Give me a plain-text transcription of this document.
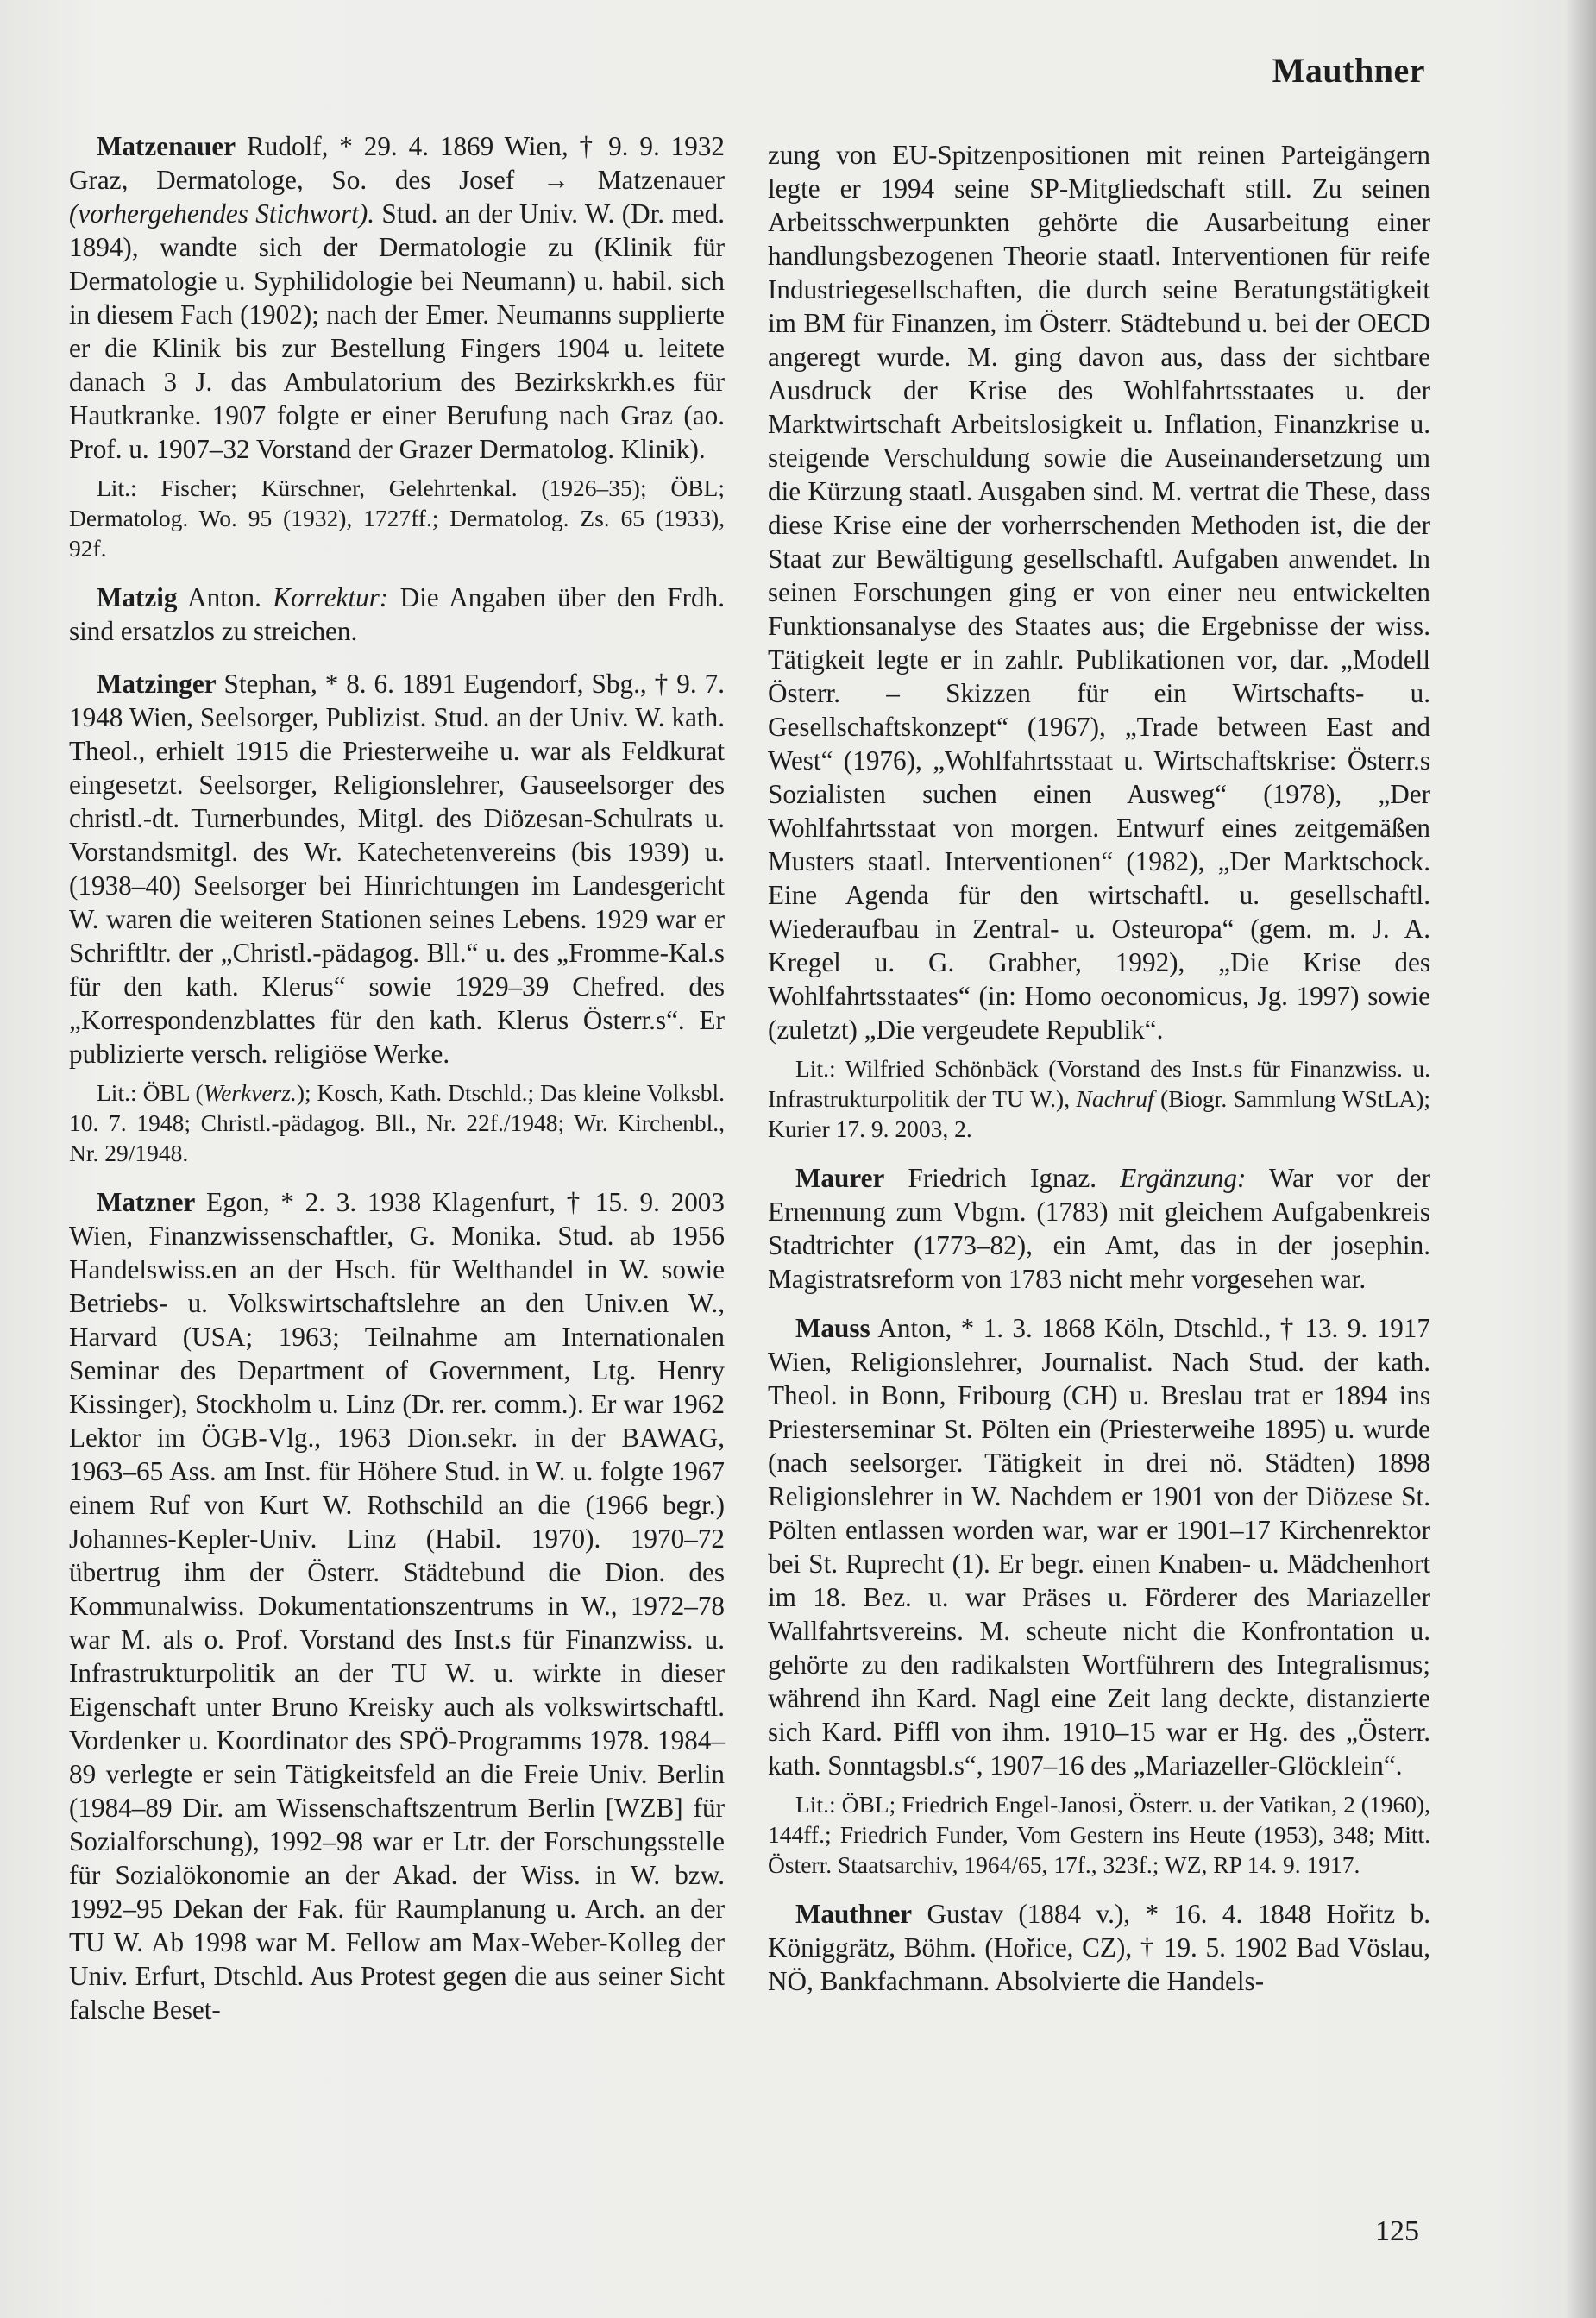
Mauthner

Matzenauer Rudolf, * 29. 4. 1869 Wien, † 9. 9. 1932 Graz, Dermatologe, So. des Josef → Matzenauer (vorhergehendes Stichwort). Stud. an der Univ. W. (Dr. med. 1894), wandte sich der Dermatologie zu (Klinik für Dermatologie u. Syphilidologie bei Neumann) u. habil. sich in diesem Fach (1902); nach der Emer. Neumanns supplierte er die Klinik bis zur Bestellung Fingers 1904 u. leitete danach 3 J. das Ambulatorium des Bezirkskrkh.es für Hautkranke. 1907 folgte er einer Berufung nach Graz (ao. Prof. u. 1907–32 Vorstand der Grazer Dermatolog. Klinik).

Lit.: Fischer; Kürschner, Gelehrtenkal. (1926–35); ÖBL; Dermatolog. Wo. 95 (1932), 1727ff.; Dermatolog. Zs. 65 (1933), 92f.

Matzig Anton. Korrektur: Die Angaben über den Frdh. sind ersatzlos zu streichen.

Matzinger Stephan, * 8. 6. 1891 Eugendorf, Sbg., † 9. 7. 1948 Wien, Seelsorger, Publizist. Stud. an der Univ. W. kath. Theol., erhielt 1915 die Priesterweihe u. war als Feldkurat eingesetzt. Seelsorger, Religionslehrer, Gauseelsorger des christl.-dt. Turnerbundes, Mitgl. des Diözesan-Schulrats u. Vorstandsmitgl. des Wr. Katechetenvereins (bis 1939) u. (1938–40) Seelsorger bei Hinrichtungen im Landesgericht W. waren die weiteren Stationen seines Lebens. 1929 war er Schriftltr. der „Christl.-pädagog. Bll.“ u. des „Fromme-Kal.s für den kath. Klerus“ sowie 1929–39 Chefred. des „Korrespondenzblattes für den kath. Klerus Österr.s“. Er publizierte versch. religiöse Werke.

Lit.: ÖBL (Werkverz.); Kosch, Kath. Dtschld.; Das kleine Volksbl. 10. 7. 1948; Christl.-pädagog. Bll., Nr. 22f./1948; Wr. Kirchenbl., Nr. 29/1948.

Matzner Egon, * 2. 3. 1938 Klagenfurt, † 15. 9. 2003 Wien, Finanzwissenschaftler, G. Monika. Stud. ab 1956 Handelswiss.en an der Hsch. für Welthandel in W. sowie Betriebs- u. Volkswirtschaftslehre an den Univ.en W., Harvard (USA; 1963; Teilnahme am Internationalen Seminar des Department of Government, Ltg. Henry Kissinger), Stockholm u. Linz (Dr. rer. comm.). Er war 1962 Lektor im ÖGB-Vlg., 1963 Dion.sekr. in der BAWAG, 1963–65 Ass. am Inst. für Höhere Stud. in W. u. folgte 1967 einem Ruf von Kurt W. Rothschild an die (1966 begr.) Johannes-Kepler-Univ. Linz (Habil. 1970). 1970–72 übertrug ihm der Österr. Städtebund die Dion. des Kommunalwiss. Dokumentationszentrums in W., 1972–78 war M. als o. Prof. Vorstand des Inst.s für Finanzwiss. u. Infrastrukturpolitik an der TU W. u. wirkte in dieser Eigenschaft unter Bruno Kreisky auch als volkswirtschaftl. Vordenker u. Koordinator des SPÖ-Programms 1978. 1984–89 verlegte er sein Tätigkeitsfeld an die Freie Univ. Berlin (1984–89 Dir. am Wissenschaftszentrum Berlin [WZB] für Sozialforschung), 1992–98 war er Ltr. der Forschungsstelle für Sozialökonomie an der Akad. der Wiss. in W. bzw. 1992–95 Dekan der Fak. für Raumplanung u. Arch. an der TU W. Ab 1998 war M. Fellow am Max-Weber-Kolleg der Univ. Erfurt, Dtschld. Aus Protest gegen die aus seiner Sicht falsche Beset-

zung von EU-Spitzenpositionen mit reinen Parteigängern legte er 1994 seine SP-Mitgliedschaft still. Zu seinen Arbeitsschwerpunkten gehörte die Ausarbeitung einer handlungsbezogenen Theorie staatl. Interventionen für reife Industriegesellschaften, die durch seine Beratungstätigkeit im BM für Finanzen, im Österr. Städtebund u. bei der OECD angeregt wurde. M. ging davon aus, dass der sichtbare Ausdruck der Krise des Wohlfahrtsstaates u. der Marktwirtschaft Arbeitslosigkeit u. Inflation, Finanzkrise u. steigende Verschuldung sowie die Auseinandersetzung um die Kürzung staatl. Ausgaben sind. M. vertrat die These, dass diese Krise eine der vorherrschenden Methoden ist, die der Staat zur Bewältigung gesellschaftl. Aufgaben anwendet. In seinen Forschungen ging er von einer neu entwickelten Funktionsanalyse des Staates aus; die Ergebnisse der wiss. Tätigkeit legte er in zahlr. Publikationen vor, dar. „Modell Österr. – Skizzen für ein Wirtschafts- u. Gesellschaftskonzept“ (1967), „Trade between East and West“ (1976), „Wohlfahrtsstaat u. Wirtschaftskrise: Österr.s Sozialisten suchen einen Ausweg“ (1978), „Der Wohlfahrtsstaat von morgen. Entwurf eines zeitgemäßen Musters staatl. Interventionen“ (1982), „Der Marktschock. Eine Agenda für den wirtschaftl. u. gesellschaftl. Wiederaufbau in Zentral- u. Osteuropa“ (gem. m. J. A. Kregel u. G. Grabher, 1992), „Die Krise des Wohlfahrtsstaates“ (in: Homo oeconomicus, Jg. 1997) sowie (zuletzt) „Die vergeudete Republik“.

Lit.: Wilfried Schönbäck (Vorstand des Inst.s für Finanzwiss. u. Infrastrukturpolitik der TU W.), Nachruf (Biogr. Sammlung WStLA); Kurier 17. 9. 2003, 2.

Maurer Friedrich Ignaz. Ergänzung: War vor der Ernennung zum Vbgm. (1783) mit gleichem Aufgabenkreis Stadtrichter (1773–82), ein Amt, das in der josephin. Magistratsreform von 1783 nicht mehr vorgesehen war.

Mauss Anton, * 1. 3. 1868 Köln, Dtschld., † 13. 9. 1917 Wien, Religionslehrer, Journalist. Nach Stud. der kath. Theol. in Bonn, Fribourg (CH) u. Breslau trat er 1894 ins Priesterseminar St. Pölten ein (Priesterweihe 1895) u. wurde (nach seelsorger. Tätigkeit in drei nö. Städten) 1898 Religionslehrer in W. Nachdem er 1901 von der Diözese St. Pölten entlassen worden war, war er 1901–17 Kirchenrektor bei St. Ruprecht (1). Er begr. einen Knaben- u. Mädchenhort im 18. Bez. u. war Präses u. Förderer des Mariazeller Wallfahrtsvereins. M. scheute nicht die Konfrontation u. gehörte zu den radikalsten Wortführern des Integralismus; während ihn Kard. Nagl eine Zeit lang deckte, distanzierte sich Kard. Piffl von ihm. 1910–15 war er Hg. des „Österr. kath. Sonntagsbl.s“, 1907–16 des „Mariazeller-Glöcklein“.

Lit.: ÖBL; Friedrich Engel-Janosi, Österr. u. der Vatikan, 2 (1960), 144ff.; Friedrich Funder, Vom Gestern ins Heute (1953), 348; Mitt. Österr. Staatsarchiv, 1964/65, 17f., 323f.; WZ, RP 14. 9. 1917.

Mauthner Gustav (1884 v.), * 16. 4. 1848 Hořitz b. Königgrätz, Böhm. (Hořice, CZ), † 19. 5. 1902 Bad Vöslau, NÖ, Bankfachmann. Absolvierte die Handels-

125
